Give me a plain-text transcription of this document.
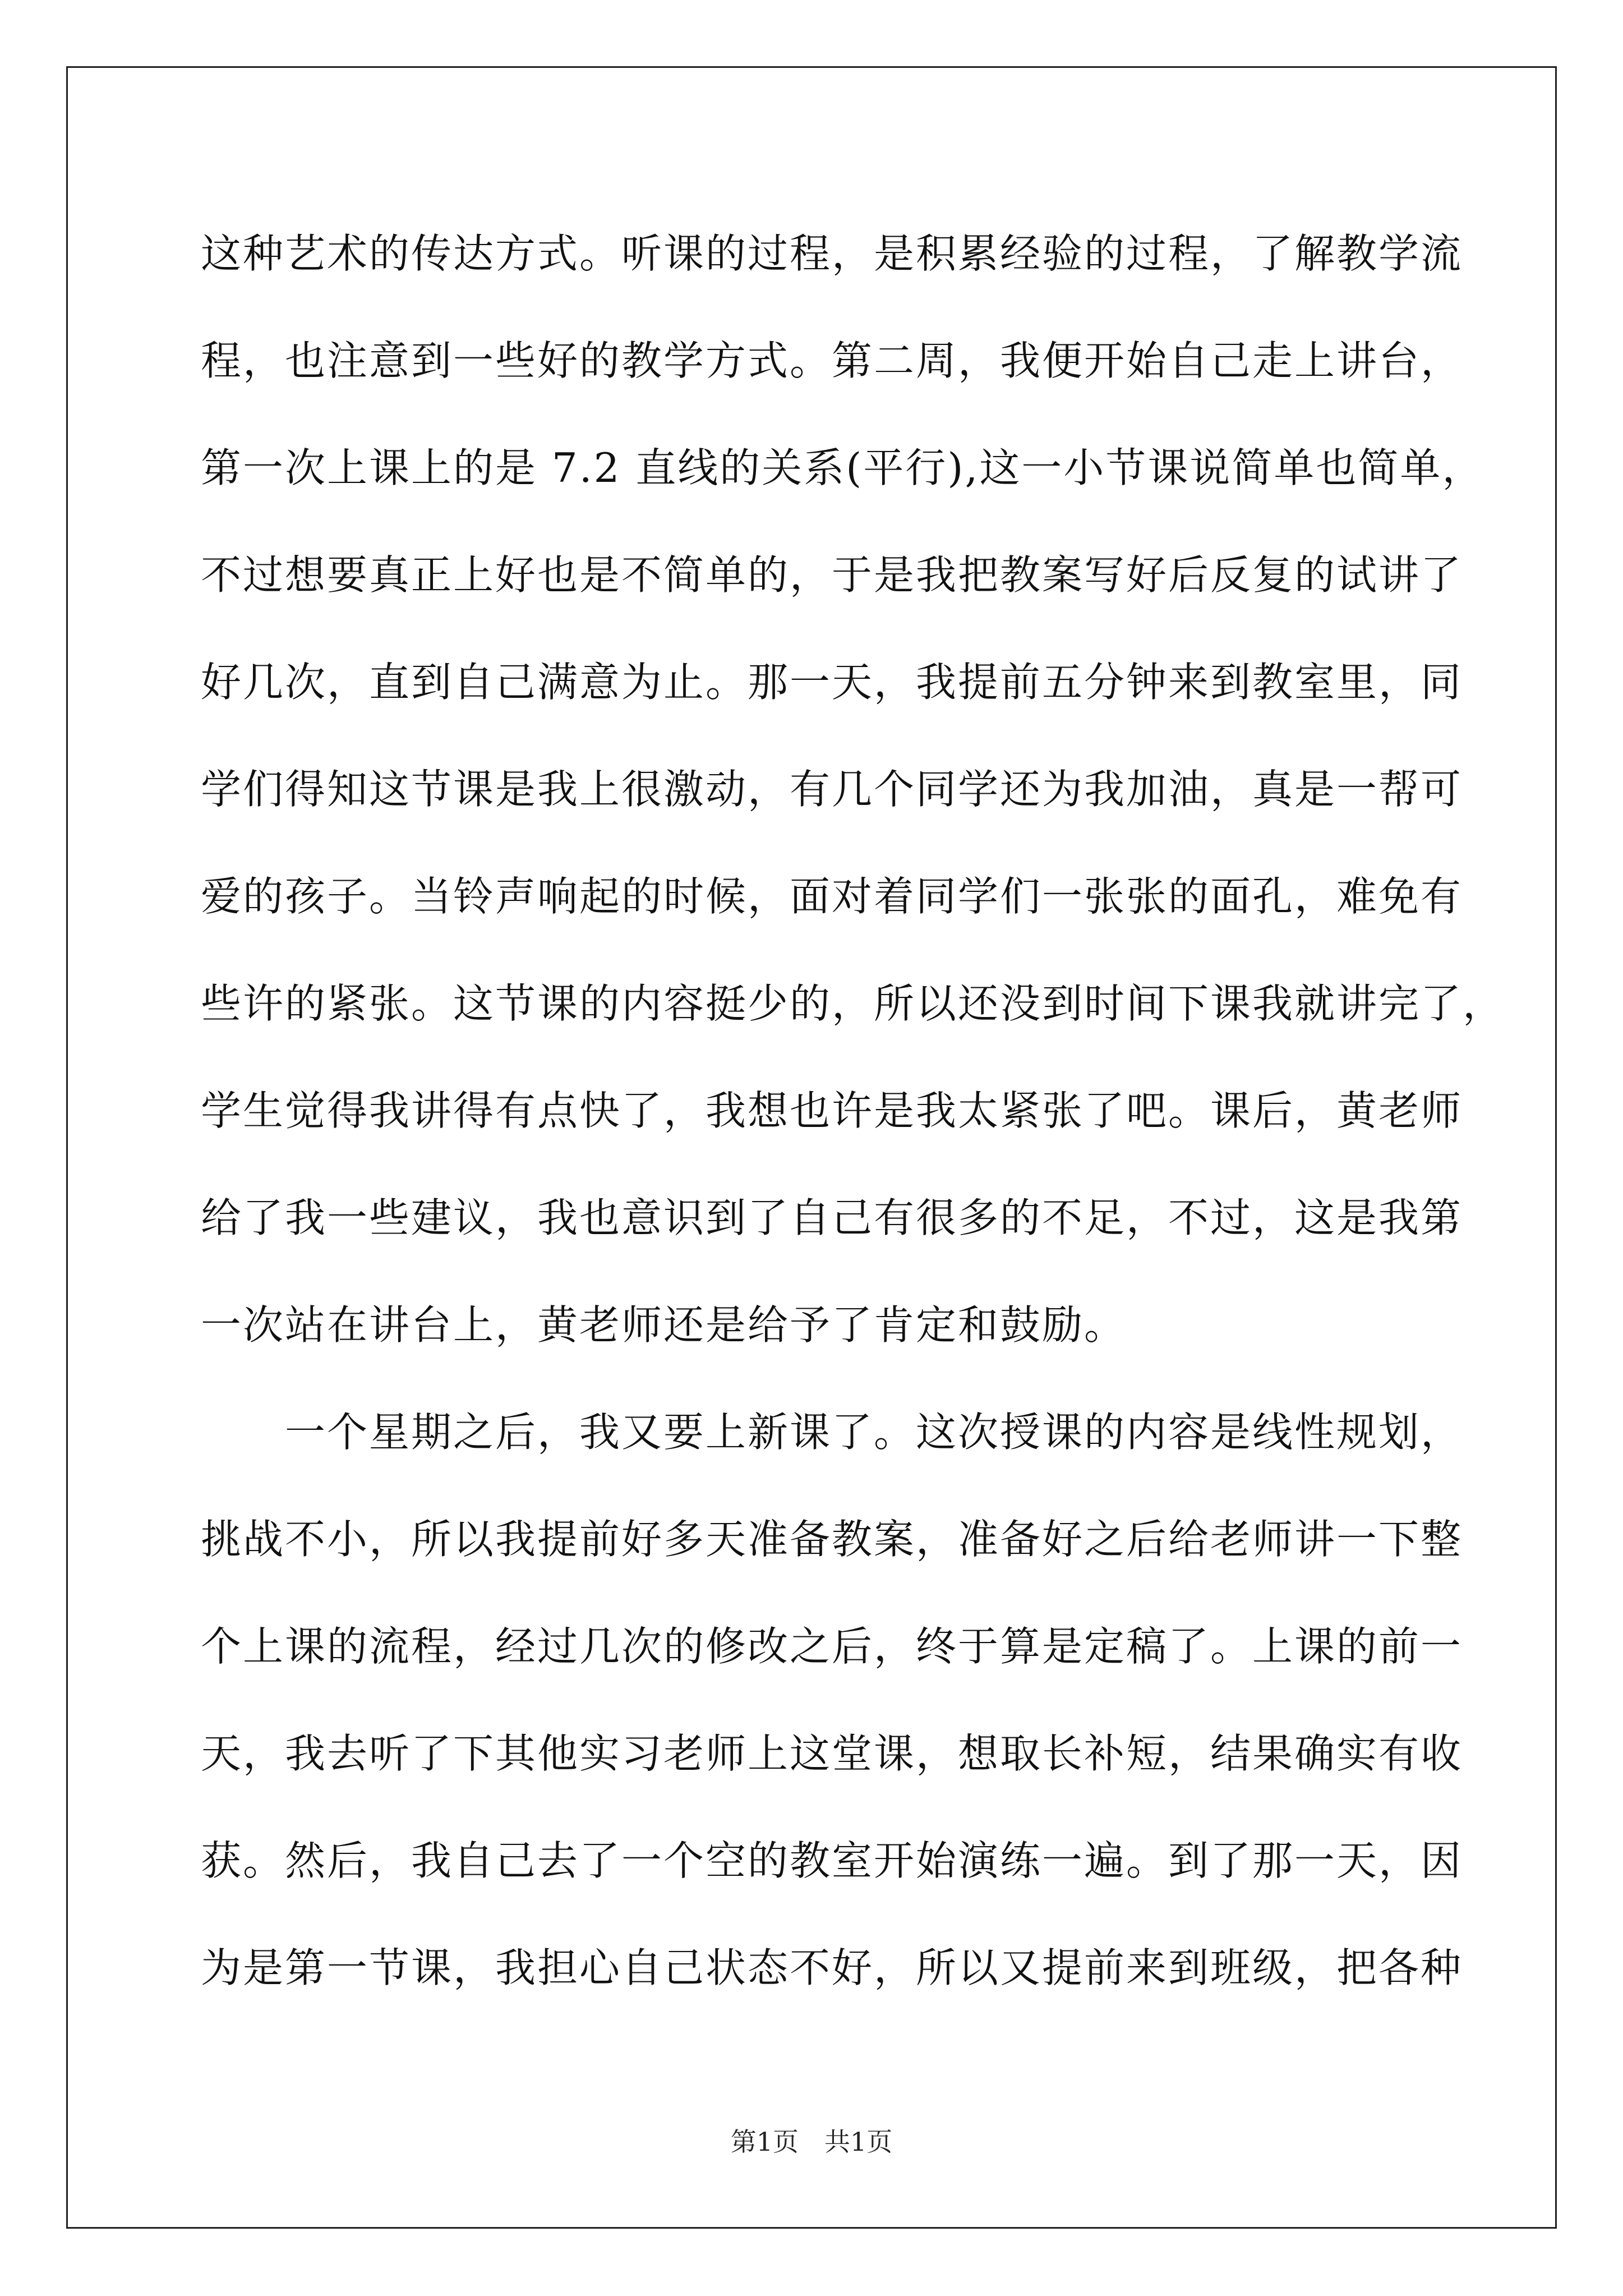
这种艺术的传达方式。听课的过程，是积累经验的过程，了解教学流
程，也注意到一些好的教学方式。第二周，我便开始自己走上讲台，
第一次上课上的是 7.2 直线的关系(平行),这一小节课说简单也简单，
不过想要真正上好也是不简单的，于是我把教案写好后反复的试讲了
好几次，直到自己满意为止。那一天，我提前五分钟来到教室里，同
学们得知这节课是我上很激动，有几个同学还为我加油，真是一帮可
爱的孩子。当铃声响起的时候，面对着同学们一张张的面孔，难免有
些许的紧张。这节课的内容挺少的，所以还没到时间下课我就讲完了，
学生觉得我讲得有点快了，我想也许是我太紧张了吧。课后，黄老师
给了我一些建议，我也意识到了自己有很多的不足，不过，这是我第
一次站在讲台上，黄老师还是给予了肯定和鼓励。
　　一个星期之后，我又要上新课了。这次授课的内容是线性规划，
挑战不小，所以我提前好多天准备教案，准备好之后给老师讲一下整
个上课的流程，经过几次的修改之后，终于算是定稿了。上课的前一
天，我去听了下其他实习老师上这堂课，想取长补短，结果确实有收
获。然后，我自己去了一个空的教室开始演练一遍。到了那一天，因
为是第一节课，我担心自己状态不好，所以又提前来到班级，把各种
第1页　共1页
